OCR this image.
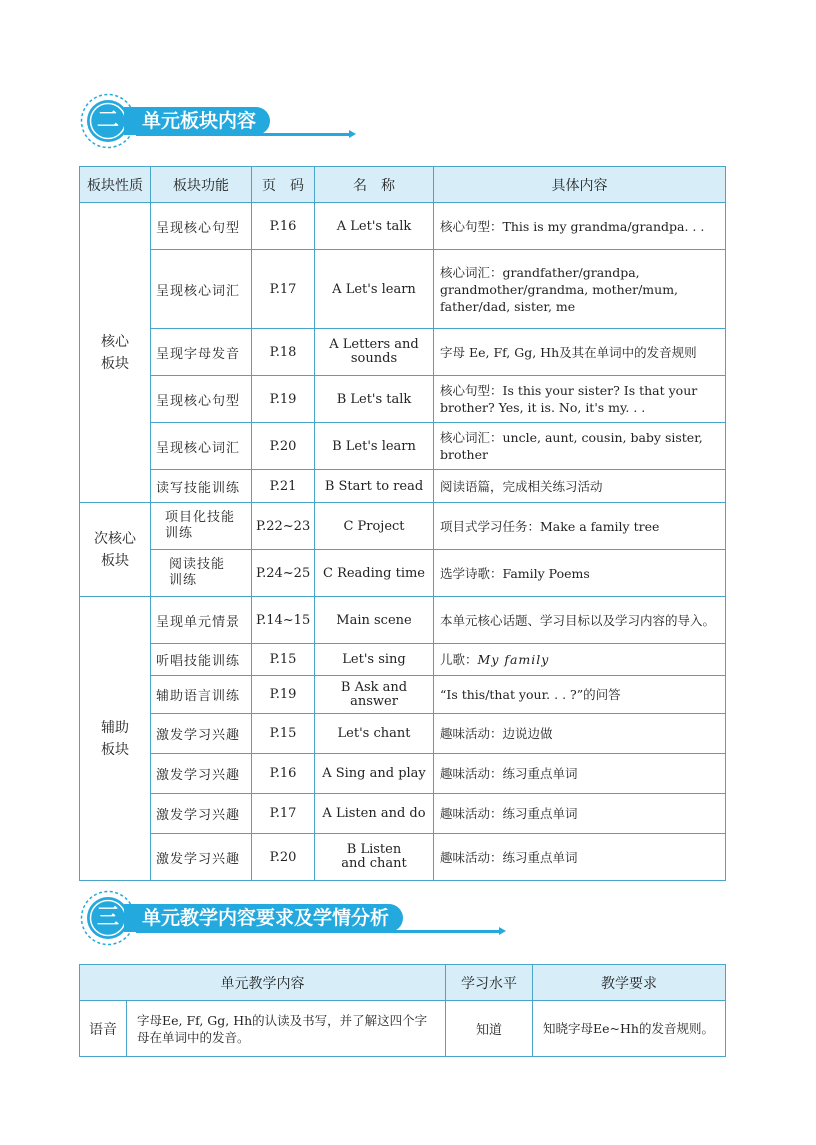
二	单元板块内容
板块性质	板块功能	页　码	名　称	具体内容
核心
板块	呈现核心句型	P.16	A Let's talk	核心句型：This is my grandma/grandpa. . .
	呈现核心词汇	P.17	A Let's learn	核心词汇：grandfather/grandpa,
grandmother/grandma, mother/mum,
father/dad, sister, me
	呈现字母发音	P.18	A Letters and sounds	字母 Ee, Ff, Gg, Hh及其在单词中的发音规则
	呈现核心句型	P.19	B Let's talk	核心句型：Is this your sister? Is that your brother? Yes, it is. No, it's my. . .
	呈现核心词汇	P.20	B Let's learn	核心词汇：uncle, aunt, cousin, baby sister, brother
	读写技能训练	P.21	B Start to read	阅读语篇，完成相关练习活动
次核心
板块	项目化技能训练	P.22~23	C Project	项目式学习任务：Make a family tree
	阅读技能训练	P.24~25	C Reading time	选学诗歌：Family Poems
辅助
板块	呈现单元情景	P.14~15	Main scene	本单元核心话题、学习目标以及学习内容的导入。
	听唱技能训练	P.15	Let's sing	儿歌：My family
	辅助语言训练	P.19	B Ask and answer	“Is this/that your. . . ?”的问答
	激发学习兴趣	P.15	Let's chant	趣味活动：边说边做
	激发学习兴趣	P.16	A Sing and play	趣味活动：练习重点单词
	激发学习兴趣	P.17	A Listen and do	趣味活动：练习重点单词
	激发学习兴趣	P.20	B Listen and chant	趣味活动：练习重点单词
三	单元教学内容要求及学情分析
单元教学内容		学习水平	教学要求
语音	字母Ee, Ff, Gg, Hh的认读及书写，并了解这四个字母在单词中的发音。	知道	知晓字母Ee~Hh的发音规则。
